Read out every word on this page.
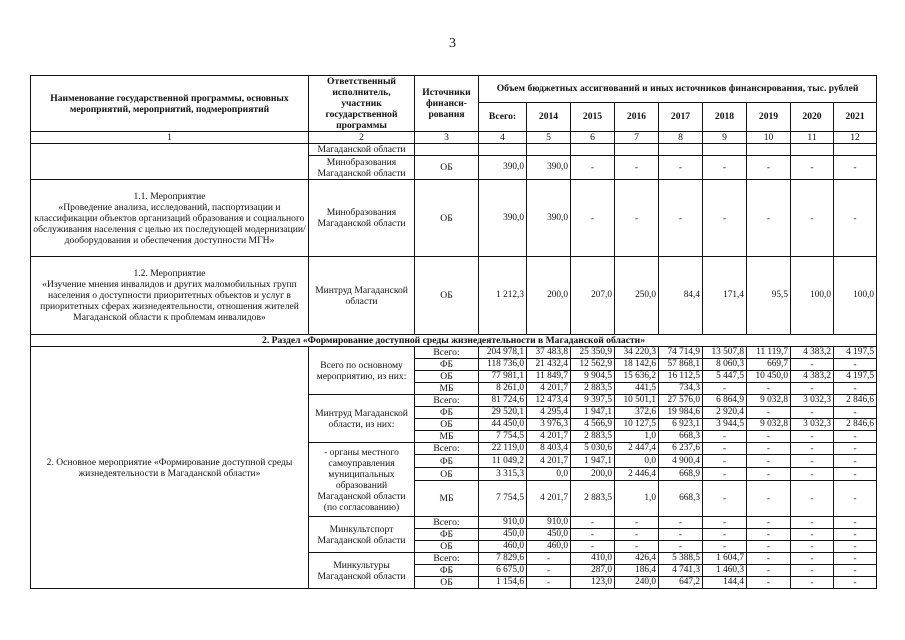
3
Наименование государственной программы, основных мероприятий, мероприятий, подмероприятий	Ответственный исполнитель, участник государственной программы	Источники финанси-рования	Объем бюджетных ассигнований и иных источников финансирования, тыс. рублей								
			Всего:	2014	2015	2016	2017	2018	2019	2020	2021
1	2	3	4	5	6	7	8	9	10	11	12
	Магаданской области										
	Минобразования Магаданской области	ОБ	390,0	390,0	-	-	-	-	-	-	-

1.1. Мероприятие
«Проведение анализа, исследований, паспортизации и классификации объектов организаций образования и социального обслуживания населения с целью их последующей модернизации/дооборудования и обеспечения доступности МГН»	Минобразования Магаданской области	ОБ	390,0	390,0	-	-	-	-	-	-	-

1.2. Мероприятие
«Изучение мнения инвалидов и других маломобильных групп населения о доступности приоритетных объектов и услуг в приоритетных сферах жизнедеятельности, отношения жителей Магаданской области к проблемам инвалидов»	Минтруд Магаданской области	ОБ	1 212,3	200,0	207,0	250,0	84,4	171,4	95,5	100,0	100,0
2. Раздел «Формирование доступной среды жизнедеятельности в Магаданской области»											
2. Основное мероприятие «Формирование доступной среды жизнедеятельности в Магаданской области»	Всего по основному мероприятию, из них:	Всего:	204 978,1	37 483,8	25 350,9	34 220,3	74 714,9	13 507,8	11 119,7	4 383,2	4 197,5
		ФБ	118 736,0	21 432,4	12 562,9	18 142,6	57 868,1	8 060,3	669,7	-	-
		ОБ	77 981,1	11 849,7	9 904,5	15 636,2	16 112,5	5 447,5	10 450,0	4 383,2	4 197,5
		МБ	8 261,0	4 201,7	2 883,5	441,5	734,3	-	-	-	-
	Минтруд Магаданской области, из них:	Всего:	81 724,6	12 473,4	9 397,5	10 501,1	27 576,0	6 864,9	9 032,8	3 032,3	2 846,6
		ФБ	29 520,1	4 295,4	1 947,1	372,6	19 984,6	2 920,4	-	-	-
		ОБ	44 450,0	3 976,3	4 566,9	10 127,5	6 923,1	3 944,5	9 032,8	3 032,3	2 846,6
		МБ	7 754,5	4 201,7	2 883,5	1,0	668,3	-	-	-	-
	- органы местного самоуправления муниципальных образований Магаданской области (по согласованию)	Всего:	22 119,0	8 403,4	5 030,6	2 447,4	6 237,6	-	-	-	-
		ФБ	11 049,2	4 201,7	1 947,1	0,0	4 900,4	-	-	-	-
		ОБ	3 315,3	0,0	200,0	2 446,4	668,9	-	-	-	-
		МБ	7 754,5	4 201,7	2 883,5	1,0	668,3	-	-	-	-
	Минкультспорт Магаданской области	Всего:	910,0	910,0	-	-	-	-	-	-	-
		ФБ	450,0	450,0	-	-	-	-	-	-	-
		ОБ	460,0	460,0	-	-	-	-	-	-	-
	Минкультуры Магаданской области	Всего:	7 829,6	-	410,0	426,4	5 388,5	1 604,7	-	-	-
		ФБ	6 675,0	-	287,0	186,4	4 741,3	1 460,3	-	-	-
		ОБ	1 154,6	-	123,0	240,0	647,2	144,4	-	-	-
